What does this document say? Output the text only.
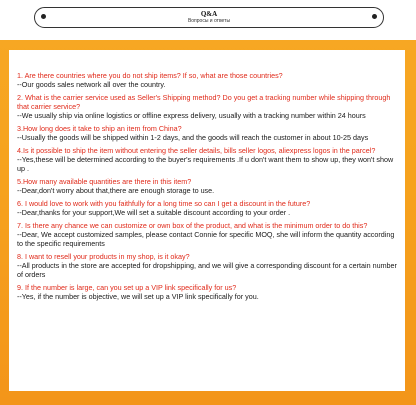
Q&A
Вопросы и ответы
1. Are there countries where you do not ship items? If so, what are those countries?
--Our goods sales network all over the country.
2. What is the carrier service used as Seller's Shipping method? Do you get a tracking number while shipping through that carrier service?
--We usually ship via online logistics or offline express delivery, usually with a tracking number within 24 hours
3.How long does it take to ship an item from China?
--Usually the goods will be shipped within 1-2 days, and the goods will reach the customer in about 10-25 days
4.Is it possible to ship the item without entering the seller details, bills seller logos, aliexpress logos in the parcel?
--Yes,these will be determined according to the buyer's requirements .If u don't want them to show up, they won't show up .
5.How many available quantities are there in this item?
--Dear,don't worry about that,there are enough storage to use.
6. I would love to work with you faithfully for a long time so can I get a discount in the future?
--Dear,thanks for your support,We will set a suitable discount according to your order .
7. Is there any chance we can customize or own box of the product, and what is the minimum order to do this?
--Dear, We accept customized samples, please contact Connie for specific MOQ, she will inform the quantity according to the specific requirements
8. I want to resell your products in my shop, is it okay?
--All products in the store are accepted for dropshipping, and we will give a corresponding discount for a certain number of orders
9. If the number is large, can you set up a VIP link specifically for us?
--Yes, if the number is objective, we will set up a VIP link specifically for you.
